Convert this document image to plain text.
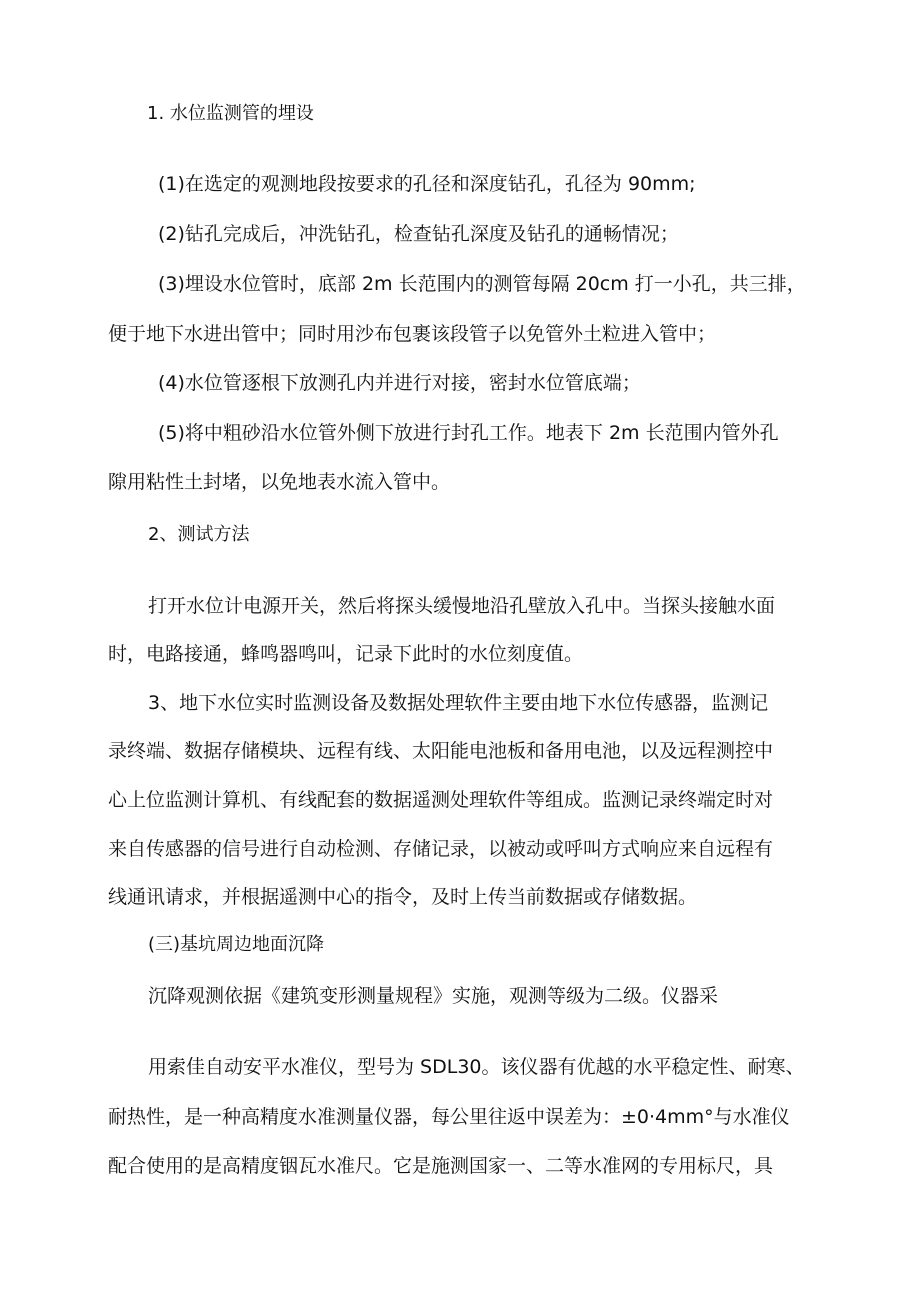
1. 水位监测管的埋设
(1)在选定的观测地段按要求的孔径和深度钻孔，孔径为 90mm;
(2)钻孔完成后，冲洗钻孔，检查钻孔深度及钻孔的通畅情况；
(3)埋设水位管时，底部 2m 长范围内的测管每隔 20cm 打一小孔，共三排，
便于地下水进出管中；同时用沙布包裹该段管子以免管外土粒进入管中；
(4)水位管逐根下放测孔内并进行对接，密封水位管底端；
(5)将中粗砂沿水位管外侧下放进行封孔工作。地表下 2m 长范围内管外孔
隙用粘性土封堵，以免地表水流入管中。
2、测试方法
打开水位计电源开关，然后将探头缓慢地沿孔壁放入孔中。当探头接触水面
时，电路接通，蜂鸣器鸣叫，记录下此时的水位刻度值。
3、地下水位实时监测设备及数据处理软件主要由地下水位传感器，监测记
录终端、数据存储模块、远程有线、太阳能电池板和备用电池，以及远程测控中
心上位监测计算机、有线配套的数据遥测处理软件等组成。监测记录终端定时对
来自传感器的信号进行自动检测、存储记录，以被动或呼叫方式响应来自远程有
线通讯请求，并根据遥测中心的指令，及时上传当前数据或存储数据。
(三)基坑周边地面沉降
沉降观测依据《建筑变形测量规程》实施，观测等级为二级。仪器采
用索佳自动安平水准仪，型号为 SDL30。该仪器有优越的水平稳定性、耐寒、
耐热性，是一种高精度水准测量仪器，每公里往返中误差为：±0·4mm°与水准仪
配合使用的是高精度铟瓦水准尺。它是施测国家一、二等水准网的专用标尺，具
